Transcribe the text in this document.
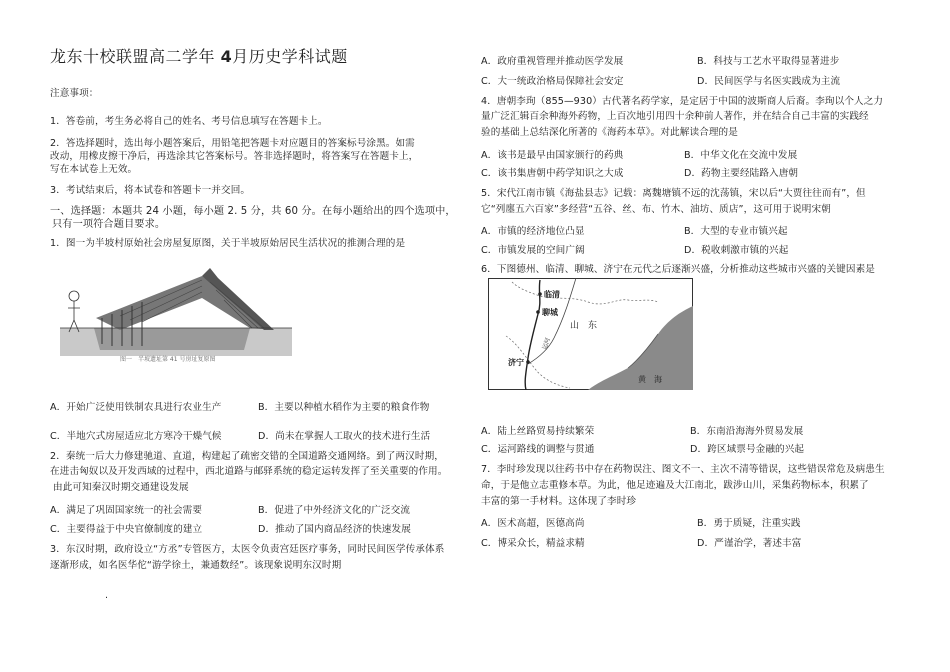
龙东十校联盟高二学年 4月历史学科试题
注意事项：
1．答卷前，考生务必将自己的姓名、考号信息填写在答题卡上。
2．答选择题时，选出每小题答案后，用铅笔把答题卡对应题目的答案标号涂黑。如需
改动，用橡皮擦干净后，再选涂其它答案标号。答非选择题时，将答案写在答题卡上，
写在本试卷上无效。
3．考试结束后，将本试卷和答题卡一并交回。
一、选择题：本题共 24 小题，每小题 2. 5 分，共 60 分。在每小题给出的四个选项中，
只有一项符合题目要求。
1．图一为半坡村原始社会房屋复原图，关于半坡原始居民生活状况的推测合理的是
图一　半坡遗址第 41 号房址复原图
A．开始广泛使用铁制农具进行农业生产	B．主要以种植水稻作为主要的粮食作物
C．半地穴式房屋适应北方寒冷干燥气候	D．尚未在掌握人工取火的技术进行生活
2．秦统一后大力修建驰道、直道，构建起了疏密交错的全国道路交通网络。到了两汉时期，
在进击匈奴以及开发西域的过程中，西北道路与邮驿系统的稳定运转发挥了至关重要的作用。
由此可知秦汉时期交通建设发展
A．满足了巩固国家统一的社会需要	B．促进了中外经济文化的广泛交流
C．主要得益于中央官僚制度的建立	D．推动了国内商品经济的快速发展
3．东汉时期，政府设立“方丞”专管医方，太医令负责宫廷医疗事务，同时民间医学传承体系
逐渐形成，如名医华佗“游学徐土，兼通数经”。该现象说明东汉时期
.
A．政府重视管理并推动医学发展	B．科技与工艺水平取得显著进步
C．大一统政治格局保障社会安定	D．民间医学与名医实践成为主流
4．唐朝李珣（855—930）古代著名药学家，是定居于中国的波斯商人后裔。李珣以个人之力
量广泛汇辑百余种海外药物，上百次地引用四十余种前人著作，并在结合自己丰富的实践经
验的基础上总结深化所著的《海药本草》。对此解读合理的是
A．该书是最早由国家颁行的药典	B．中华文化在交流中发展
C．该书集唐朝中药学知识之大成	D．药物主要经陆路入唐朝
5．宋代江南市镇《海盐县志》记载：离魏塘镇不远的沈荡镇，宋以后“大贾往往而有”，但
它“列廛五六百家”多经营“五谷、丝、布、竹木、油坊、质店”，这可用于说明宋朝
A．市镇的经济地位凸显	B．大型的专业市镇兴起
C．市镇发展的空间广阔	D．税收刺激市镇的兴起
6．下图德州、临清、聊城、济宁在元代之后逐渐兴盛，分析推动这些城市兴盛的关键因素是
临清
聊城
济宁
山　东
黄　海
运河
A．陆上丝路贸易持续繁荣	B．东南沿海海外贸易发展
C．运河路线的调整与贯通	D．跨区域票号金融的兴起
7．李时珍发现以往药书中存在药物误注、图文不一、主次不清等错误，这些错误常危及病患生
命，于是他立志重修本草。为此，他足迹遍及大江南北，跋涉山川，采集药物标本，积累了
丰富的第一手材料。这体现了李时珍
A．医术高超，医德高尚	B．勇于质疑，注重实践
C．博采众长，精益求精	D．严谨治学，著述丰富
